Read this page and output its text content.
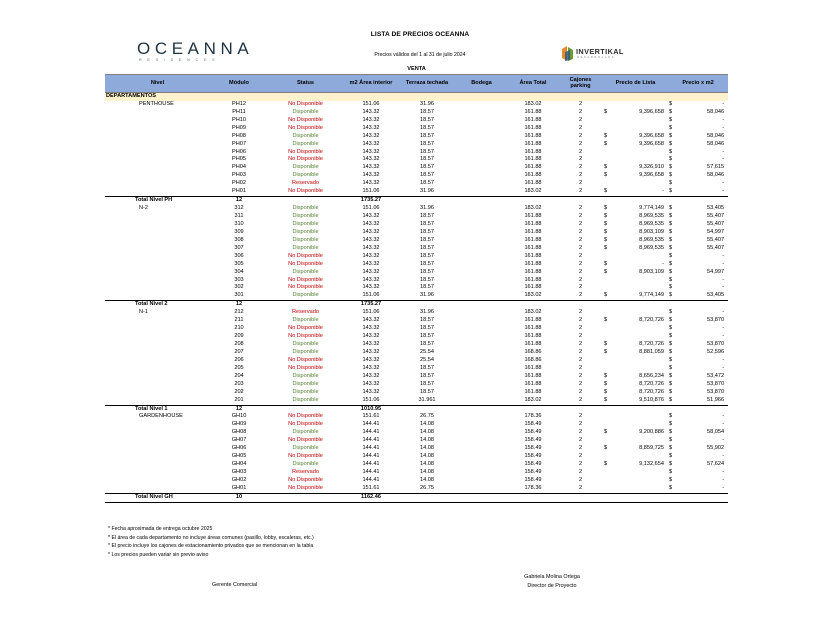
LISTA DE PRECIOS OCEANNA
Precios válidos del 1 al 31 de julio 2024
OCEANNA
RESIDENCES
INVERTIKAL
DESARROLLOS
VENTA									
Nivel	Módulo	Status	m2 Área interior	Terraza techada	Bodega	Área Total	Cajones parking	Precio de Lista	Precio x m2
DEPARTAMENTOS									
PENTHOUSE	PH12	No Disponible	151.06	31.96		183.02	2		$ -

	PH11	Disponible	143.32	18.57		161.88	2	$ 9,396,658	$ 58,046

	PH10	No Disponible	143.32	18.57		161.88	2		$ -

	PH09	No Disponible	143.32	18.57		161.88	2		$ -

	PH08	Disponible	143.32	18.57		161.88	2	$ 9,396,658	$ 58,046

	PH07	Disponible	143.32	18.57		161.88	2	$ 9,396,658	$ 58,046

	PH06	No Disponible	143.32	18.57		161.88	2		$ -

	PH05	No Disponible	143.32	18.57		161.88	2		$ -

	PH04	Disponible	143.32	18.57		161.88	2	$ 9,326,910	$ 57,615

	PH03	Disponible	143.32	18.57		161.88	2	$ 9,396,658	$ 58,046

	PH02	Reservado	143.32	18.57		161.88	2		$ -

	PH01	No Disponible	151.06	31.96		183.02	2	$ -	$ -

Total Nivel PH	12		1735.27						
N-2	312	Disponible	151.06	31.96		183.02	2	$ 9,774,149	$ 53,405

	311	Disponible	143.32	18.57		161.88	2	$ 8,969,535	$ 55,407

	310	Disponible	143.32	18.57		161.88	2	$ 8,969,535	$ 55,407

	309	Disponible	143.32	18.57		161.88	2	$ 8,903,109	$ 54,997

	308	Disponible	143.32	18.57		161.88	2	$ 8,969,535	$ 55,407

	307	Disponible	143.32	18.57		161.88	2	$ 8,969,535	$ 55,407

	306	No Disponible	143.32	18.57		161.88	2		$ -

	305	No Disponible	143.32	18.57		161.88	2	$ -	$ -

	304	Disponible	143.32	18.57		161.88	2	$ 8,903,109	$ 54,997

	303	No Disponible	143.32	18.57		161.88	2		$ -

	302	No Disponible	143.32	18.57		161.88	2		$ -

	301	Disponible	151.06	31.96		183.02	2	$ 9,774,149	$ 53,405

Total Nivel 2	12		1735.27						
N-1	212	Reservado	151.06	31.96		183.02	2		$ -

	211	Disponible	143.32	18.57		161.88	2	$ 8,720,726	$ 53,870

	210	No Disponible	143.32	18.57		161.88	2		$ -

	209	No Disponible	143.32	18.57		161.88	2		$ -

	208	Disponible	143.32	18.57		161.88	2	$ 8,720,726	$ 53,870

	207	Disponible	143.32	25.54		168.86	2	$ 8,881,059	$ 52,596

	206	No Disponible	143.32	25.54		168.86	2		$ -

	205	No Disponible	143.32	18.57		161.88	2		$ -

	204	Disponible	143.32	18.57		161.88	2	$ 8,656,234	$ 53,472

	203	Disponible	143.32	18.57		161.88	2	$ 8,720,726	$ 53,870

	202	Disponible	143.32	18.57		161.88	2	$ 8,720,726	$ 53,870

	201	Disponible	151.06	31.961		183.02	2	$ 9,510,876	$ 51,966

Total Nivel 1	12		1010.95						
GARDENHOUSE	GH10	No Disponible	151.61	26.75		178.36	2		$ -

	GH09	No Disponible	144.41	14.08		158.49	2		$ -

	GH08	Disponible	144.41	14.08		158.49	2	$ 9,200,886	$ 58,054

	GH07	No Disponible	144.41	14.08		158.49	2		$ -

	GH06	Disponible	144.41	14.08		158.49	2	$ 8,859,725	$ 55,902

	GH05	No Disponible	144.41	14.08		158.49	2		$ -

	GH04	Disponible	144.41	14.08		158.49	2	$ 9,132,654	$ 57,624

	GH03	Reservado	144.41	14.08		158.49	2		$ -

	GH02	No Disponible	144.41	14.08		158.49	2		$ -

	GH01	No Disponible	151.61	26.75		178.36	2		$ -

Total Nivel GH	10		1162.46						
* Fecha aproximada de entrega octubre 2025
* El área de cada departamento no incluye áreas comunes (pasillo, lobby, escaleras, etc.)
* El precio incluye los cajones de estacionamiento privados que se mencionan en la tabla
* Los precios pueden variar sin previo aviso
Gerente Comercial
Gabriela Molina Ortega
Director de Proyecto
